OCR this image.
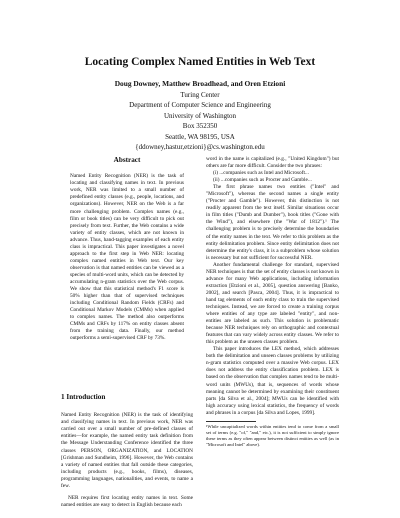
Locating Complex Named Entities in Web Text
Doug Downey, Matthew Broadhead, and Oren Etzioni
Turing Center
Department of Computer Science and Engineering
University of Washington
Box 352350
Seattle, WA 98195, USA
{ddowney,hastur,etzioni}@cs.washington.edu
Abstract

Named Entity Recognition (NER) is the task of locating and classifying names in text. In previous work, NER was limited to a small number of predefined entity classes (e.g., people, locations, and organizations). However, NER on the Web is a far more challenging problem. Complex names (e.g., film or book titles) can be very difficult to pick out precisely from text. Further, the Web contains a wide variety of entity classes, which are not known in advance. Thus, hand-tagging examples of each entity class is impractical. This paper investigates a novel approach to the first step in Web NER: locating complex named entities in Web text. Our key observation is that named entities can be viewed as a species of multi-word units, which can be detected by accumulating n-gram statistics over the Web corpus. We show that this statistical method's F1 score is 50% higher than that of supervised techniques including Conditional Random Fields (CRFs) and Conditional Markov Models (CMMs) when applied to complex names. The method also outperforms CMMs and CRFs by 117% on entity classes absent from the training data. Finally, our method outperforms a semi-supervised CRF by 73%.

1 Introduction

Named Entity Recognition (NER) is the task of identifying and classifying names in text. In previous work, NER was carried out over a small number of pre-defined classes of entities—for example, the named entity task definition from the Message Understanding Conference identified the three classes PERSON, ORGANIZATION, and LOCATION [Grishman and Sundheim, 1996]. However, the Web contains a variety of named entities that fall outside these categories, including products (e.g., books, films), diseases, programming languages, nationalities, and events, to name a few.

NER requires first locating entity names in text. Some named entities are easy to detect in English because each

word in the name is capitalized (e.g., "United Kingdom") but others are far more difficult. Consider the two phrases:

(i) ...companies such as Intel and Microsoft...

(ii) ...companies such as Procter and Gamble...

The first phrase names two entities ("Intel" and "Microsoft"), whereas the second names a single entity ("Procter and Gamble"). However, this distinction is not readily apparent from the text itself. Similar situations occur in film titles ("Dumb and Dumber"), book titles ("Gone with the Wind"), and elsewhere (the "War of 1812").¹ The challenging problem is to precisely determine the boundaries of the entity names in the text. We refer to this problem as the entity delimitation problem. Since entity delimitation does not determine the entity's class, it is a subproblem whose solution is necessary but not sufficient for successful NER.

Another fundamental challenge for standard, supervised NER techniques is that the set of entity classes is not known in advance for many Web applications, including information extraction [Etzioni et al., 2005], question answering [Banko, 2002], and search [Pasca, 2004]. Thus, it is impractical to hand tag elements of each entity class to train the supervised techniques. Instead, we are forced to create a training corpus where entities of any type are labeled "entity", and non-entities are labeled as such. This solution is problematic because NER techniques rely on orthographic and contextual features that can vary widely across entity classes. We refer to this problem as the unseen classes problem.

This paper introduces the LEX method, which addresses both the delimitation and unseen classes problems by utilizing n-gram statistics computed over a massive Web corpus. LEX does not address the entity classification problem. LEX is based on the observation that complex names tend to be multi-word units (MWUs), that is, sequences of words whose meaning cannot be determined by examining their constituent parts [da Silva et al., 2004]; MWUs can be identified with high accuracy using lexical statistics, the frequency of words and phrases in a corpus [da Silva and Lopes, 1999].

¹While uncapitalized words within entities tend to come from a small set of terms (e.g. "of," "and," etc.), it is not sufficient to simply ignore these terms as they often appear between distinct entities as well (as in "Microsoft and Intel" above).
